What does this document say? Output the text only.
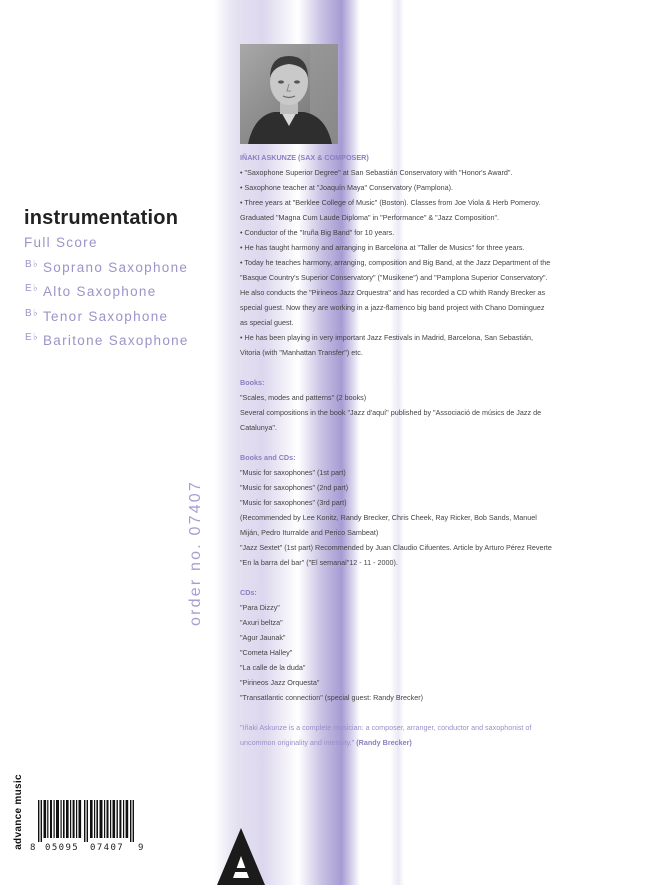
instrumentation
Full Score
$^{B♭}$ Soprano Saxophone
$^{E♭}$ Alto Saxophone
$^{B♭}$ Tenor Saxophone
$^{E♭}$ Baritone Saxophone
order no. 07407

IÑAKI ASKUNZE (SAX & COMPOSER)

• "Saxophone Superior Degree" at San Sebastián Conservatory with "Honor's Award".

• Saxophone teacher at "Joaquín Maya" Conservatory (Pamplona).

• Three years at "Berklee College of Music" (Boston). Classes from Joe Viola & Herb Pomeroy. Graduated "Magna Cum Laude Diploma" in "Performance" & "Jazz Composition".

• Conductor of the "Iruña Big Band" for 10 years.

• He has taught harmony and arranging in Barcelona at "Taller de Musics" for three years.

• Today he teaches harmony, arranging, composition and Big Band, at the Jazz Department of the "Basque Country's Superior Conservatory" ("Musikene") and "Pamplona Superior Conservatory". He also conducts the "Pirineos Jazz Orquestra" and has recorded a CD whith Randy Brecker as special guest. Now they are working in a jazz-flamenco big band project with Chano Dominguez as special guest.

• He has been playing in very important Jazz Festivals in Madrid, Barcelona, San Sebastián, Vitoria (with "Manhattan Transfer") etc.

Books:

"Scales, modes and patterns" (2 books)

Several compositions in the book "Jazz d'aquí" published by "Associació de músics de Jazz de Catalunya".

Books and CDs:

"Music for saxophones" (1st part)

"Music for saxophones" (2nd part)

"Music for saxophones" (3rd part)

(Recommended by Lee Konitz, Randy Brecker, Chris Cheek, Ray Ricker, Bob Sands, Manuel Miján, Pedro Iturralde and Perico Sambeat)

"Jazz Sextet" (1st part) Recommended by Juan Claudio Cifuentes. Article by Arturo Pérez Reverte "En la barra del bar" ("El semanal"12 - 11 - 2000).

CDs:

"Para Dizzy"

"Axuri beltza"

"Agur Jaunak"

"Cometa Halley"

"La calle de la duda"

"Pirineos Jazz Orquesta"

"Transatlantic connection" (special guest: Randy Brecker)

"Iñaki Askunze is a complete musician: a composer, arranger, conductor and saxophonist of uncommon originality and intensity." (Randy Brecker)

8 05095 07407 9
advance music
